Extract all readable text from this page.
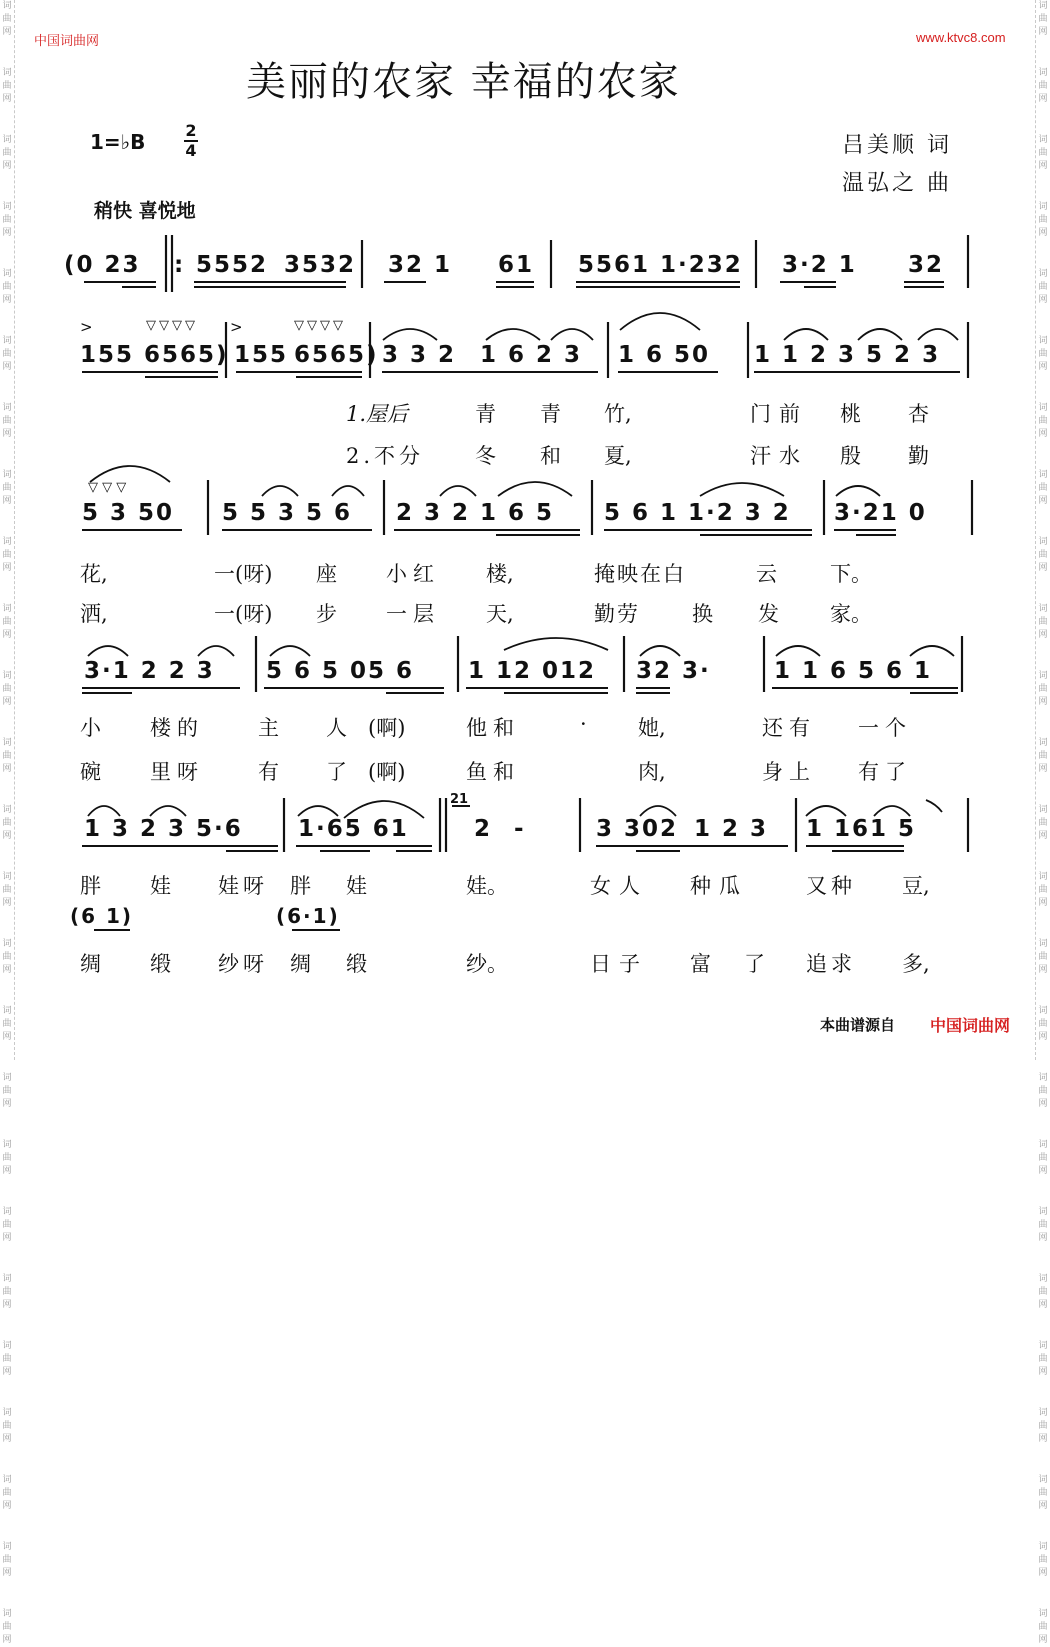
词
曲
网
词
曲
网
词
曲
网
词
曲
网
词
曲
网
词
曲
网
词
曲
网
词
曲
网
词
曲
网
词
曲
网
词
曲
网
词
曲
网
词
曲
网
词
曲
网
词
曲
网
词
曲
网
词
曲
网
词
曲
网
词
曲
网
词
曲
网
词
曲
网
词
曲
网
词
曲
网
词
曲
网
词
曲
网
词
曲
网
词
曲
网
词
曲
网
词
曲
网
词
曲
网
词
曲
网
词
曲
网
词
曲
网
词
曲
网
词
曲
网
词
曲
网
词
曲
网
词
曲
网
词
曲
网
词
曲
网
词
曲
网
词
曲
网
词
曲
网
词
曲
网
词
曲
网
词
曲
网
词
曲
网
词
曲
网
词
曲
网
词
曲
网
中国词曲网	www.ktvc8.com
美丽的农家 幸福的农家
1=♭B	2
4	吕美顺 词
温弘之 曲
稍快 喜悦地
(0 23 : 5552 3532 32 1 61 5561 1·232 3·2 1 32
>	>
▽▽▽▽	▽▽▽▽
155 6565) 155 6565) 3 3 2 1 6 2 3 1 6 50 1 1 2 3 5 2 3
1.屋后	青 青 竹,	门前 桃 杏
2.不分 冬 和 夏,	汗水 殷 勤
▽ ▽ ▽
5 3 50 5 5 3 5 6 2 3 2 1 6 5 5 6 1 1·2 3 2 3·21 0
花,	一(呀) 座 小红 楼,	掩映在白	云	下。
洒,	一(呀) 步 一层 天,	勤劳 换 发 家。
3·1 2 2 3 5 6 5 05 6 1 12 012 32 3·	1 1 6 5 6 1
小 楼的	主 人 (啊)	他和	· 她,	还有 一个
碗 里呀	有 了 (啊)	鱼和	肉,	身上 有了
1 3 2 3 5·6 1·65 61
21
2 -	3 302 1 2 3 1 161 5
胖 娃 娃呀 胖 娃	娃。	女人 种瓜	又种 豆,
(6 1)	(6·1)
绸 缎 纱呀 绸 缎	纱。	日子 富 了 追求 多,
本曲谱源自 中国词曲网
